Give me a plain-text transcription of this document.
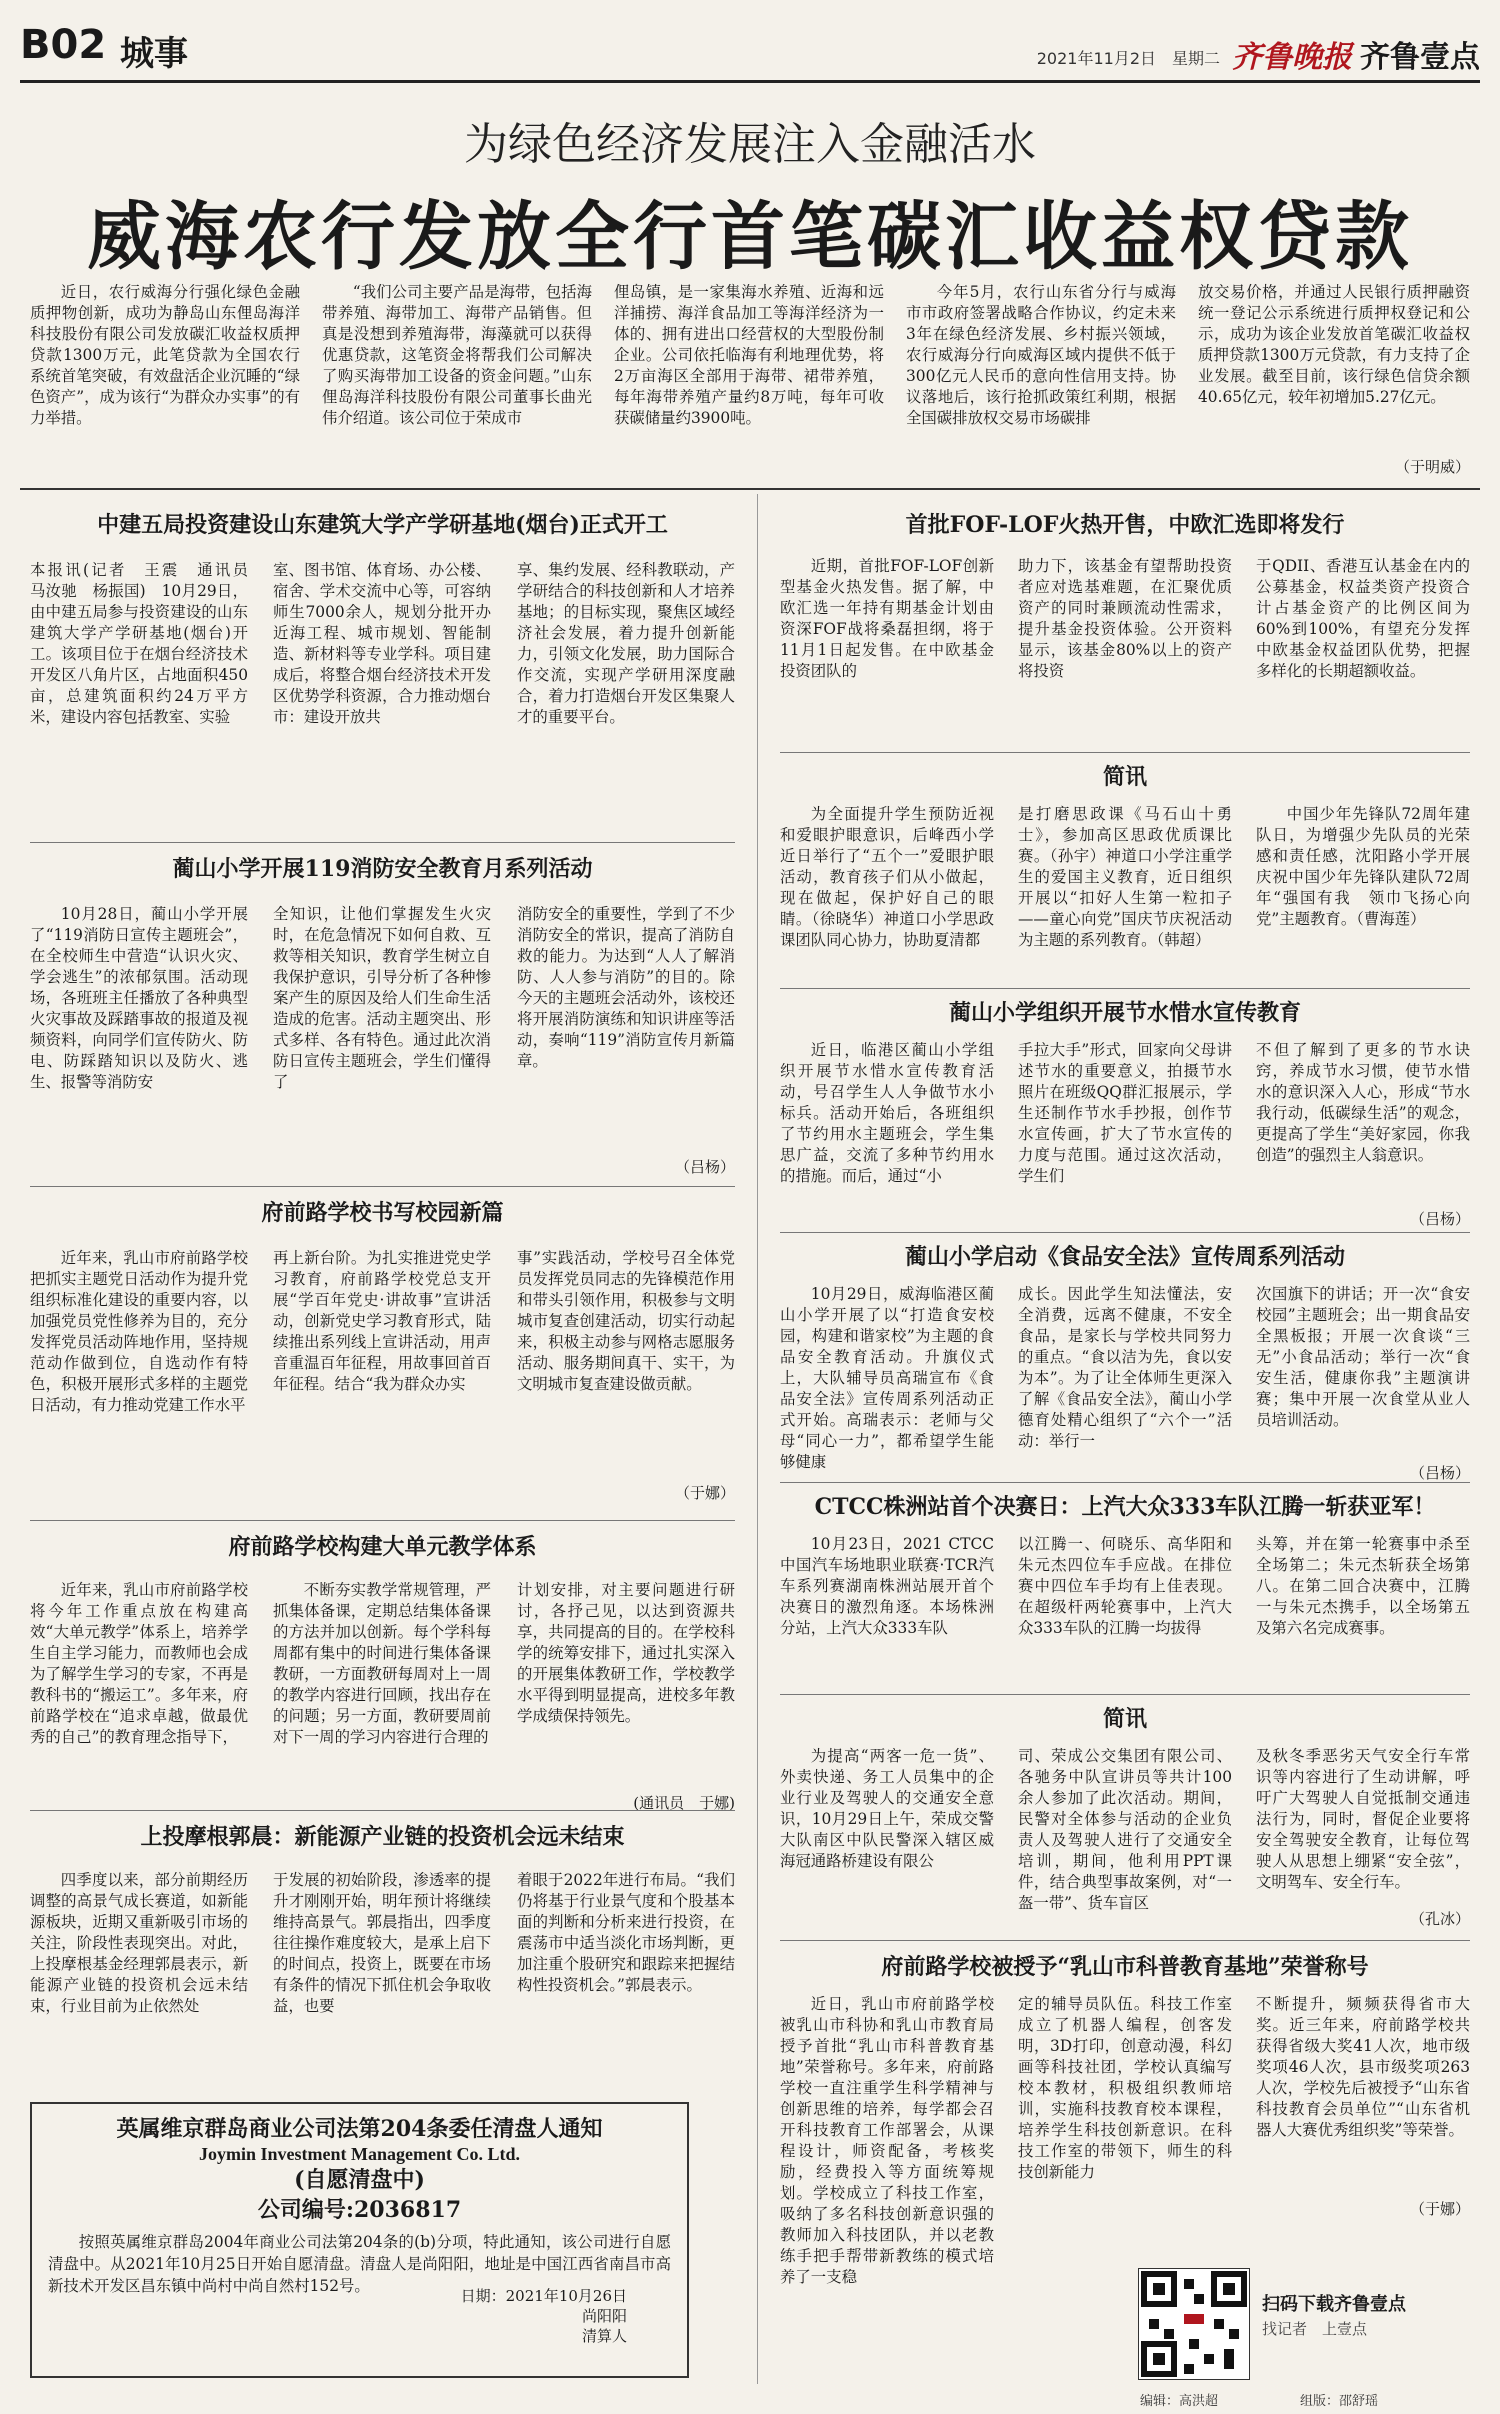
B02 城事	2021年11月2日　星期二 齐鲁晚报 齐鲁壹点
为绿色经济发展注入金融活水
威海农行发放全行首笔碳汇收益权贷款

近日，农行威海分行强化绿色金融质押物创新，成功为静岛山东俚岛海洋科技股份有限公司发放碳汇收益权质押贷款1300万元，此笔贷款为全国农行系统首笔突破，有效盘活企业沉睡的“绿色资产”，成为该行“为群众办实事”的有力举措。

“我们公司主要产品是海带，包括海带养殖、海带加工、海带产品销售。但真是没想到养殖海带，海藻就可以获得优惠贷款，这笔资金将帮我们公司解决了购买海带加工设备的资金问题。”山东俚岛海洋科技股份有限公司董事长曲光伟介绍道。该公司位于荣成市

俚岛镇，是一家集海水养殖、近海和远洋捕捞、海洋食品加工等海洋经济为一体的、拥有进出口经营权的大型股份制企业。公司依托临海有利地理优势，将2万亩海区全部用于海带、裙带养殖，每年海带养殖产量约8万吨，每年可收获碳储量约3900吨。

今年5月，农行山东省分行与威海市市政府签署战略合作协议，约定未来3年在绿色经济发展、乡村振兴领域，农行威海分行向威海区域内提供不低于300亿元人民币的意向性信用支持。协议落地后，该行抢抓政策红利期，根据全国碳排放权交易市场碳排

放交易价格，并通过人民银行质押融资统一登记公示系统进行质押权登记和公示，成功为该企业发放首笔碳汇收益权质押贷款1300万元贷款，有力支持了企业发展。截至目前，该行绿色信贷余额40.65亿元，较年初增加5.27亿元。

（于明威）
中建五局投资建设山东建筑大学产学研基地(烟台)正式开工

本报讯(记者　王震　通讯员　马汝驰　杨振国)　10月29日，由中建五局参与投资建设的山东建筑大学产学研基地(烟台)开工。该项目位于在烟台经济技术开发区八角片区，占地面积450亩，总建筑面积约24万平方米，建设内容包括教室、实验

室、图书馆、体育场、办公楼、宿舍、学术交流中心等，可容纳师生7000余人，规划分批开办近海工程、城市规划、智能制造、新材料等专业学科。项目建成后，将整合烟台经济技术开发区优势学科资源，合力推动烟台市：建设开放共

享、集约发展、经科教联动，产学研结合的科技创新和人才培养基地；的目标实现，聚焦区域经济社会发展，着力提升创新能力，引领文化发展，助力国际合作交流，实现产学研用深度融合，着力打造烟台开发区集聚人才的重要平台。

蔺山小学开展119消防安全教育月系列活动

10月28日，蔺山小学开展了“119消防日宣传主题班会”，在全校师生中营造“认识火灾、学会逃生”的浓郁氛围。活动现场，各班班主任播放了各种典型火灾事故及踩踏事故的报道及视频资料，向同学们宣传防火、防电、防踩踏知识以及防火、逃生、报警等消防安

全知识，让他们掌握发生火灾时，在危急情况下如何自救、互救等相关知识，教育学生树立自我保护意识，引导分析了各种惨案产生的原因及给人们生命生活造成的危害。活动主题突出、形式多样、各有特色。通过此次消防日宣传主题班会，学生们懂得了

消防安全的重要性，学到了不少消防安全的常识，提高了消防自救的能力。为达到“人人了解消防、人人参与消防”的目的。除今天的主题班会活动外，该校还将开展消防演练和知识讲座等活动，奏响“119”消防宣传月新篇章。

（吕杨）
府前路学校书写校园新篇

近年来，乳山市府前路学校把抓实主题党日活动作为提升党组织标准化建设的重要内容，以加强党员党性修养为目的，充分发挥党员活动阵地作用，坚持规范动作做到位，自选动作有特色，积极开展形式多样的主题党日活动，有力推动党建工作水平

再上新台阶。为扎实推进党史学习教育，府前路学校党总支开展“学百年党史·讲故事”宣讲活动，创新党史学习教育形式，陆续推出系列线上宣讲活动，用声音重温百年征程，用故事回首百年征程。结合“我为群众办实

事”实践活动，学校号召全体党员发挥党员同志的先锋模范作用和带头引领作用，积极参与文明城市复查创建活动，切实行动起来，积极主动参与网格志愿服务活动、服务期间真干、实干，为文明城市复查建设做贡献。

（于娜）
府前路学校构建大单元教学体系

近年来，乳山市府前路学校将今年工作重点放在构建高效“大单元教学”体系上，培养学生自主学习能力，而教师也会成为了解学生学习的专家，不再是教科书的“搬运工”。多年来，府前路学校在“追求卓越，做最优秀的自己”的教育理念指导下，

不断夯实教学常规管理，严抓集体备课，定期总结集体备课的方法并加以创新。每个学科每周都有集中的时间进行集体备课教研，一方面教研每周对上一周的教学内容进行回顾，找出存在的问题；另一方面，教研要周前对下一周的学习内容进行合理的

计划安排，对主要问题进行研讨，各抒己见，以达到资源共享，共同提高的目的。在学校科学的统筹安排下，通过扎实深入的开展集体教研工作，学校教学水平得到明显提高，进校多年教学成绩保持领先。

(通讯员　于娜)
上投摩根郭晨：新能源产业链的投资机会远未结束

四季度以来，部分前期经历调整的高景气成长赛道，如新能源板块，近期又重新吸引市场的关注，阶段性表现突出。对此，上投摩根基金经理郭晨表示，新能源产业链的投资机会远未结束，行业目前为止依然处

于发展的初始阶段，渗透率的提升才刚刚开始，明年预计将继续维持高景气。郭晨指出，四季度往往操作难度较大，是承上启下的时间点，投资上，既要在市场有条件的情况下抓住机会争取收益，也要

着眼于2022年进行布局。“我们仍将基于行业景气度和个股基本面的判断和分析来进行投资，在震荡市中适当淡化市场判断，更加注重个股研究和跟踪来把握结构性投资机会。”郭晨表示。

英属维京群岛商业公司法第204条委任清盘人通知
Joymin Investment Management Co. Ltd.
(自愿清盘中)
公司编号:2036817

按照英属维京群岛2004年商业公司法第204条的(b)分项，特此通知，该公司进行自愿清盘中。从2021年10月25日开始自愿清盘。清盘人是尚阳阳，地址是中国江西省南昌市高新技术开发区昌东镇中尚村中尚自然村152号。

日期：2021年10月26日
尚阳阳
清算人
首批FOF-LOF火热开售，中欧汇选即将发行

近期，首批FOF-LOF创新型基金火热发售。据了解，中欧汇选一年持有期基金计划由资深FOF战将桑磊担纲，将于11月1日起发售。在中欧基金投资团队的

助力下，该基金有望帮助投资者应对选基难题，在汇聚优质资产的同时兼顾流动性需求，提升基金投资体验。公开资料显示，该基金80%以上的资产将投资

于QDII、香港互认基金在内的公募基金，权益类资产投资合计占基金资产的比例区间为60%到100%，有望充分发挥中欧基金权益团队优势，把握多样化的长期超额收益。

简讯

为全面提升学生预防近视和爱眼护眼意识，后峰西小学近日举行了“五个一”爱眼护眼活动，教育孩子们从小做起，现在做起，保护好自己的眼睛。（徐晓华）神道口小学思政课团队同心协力，协助夏清都

是打磨思政课《马石山十勇士》，参加高区思政优质课比赛。（孙宇）神道口小学注重学生的爱国主义教育，近日组织开展以“扣好人生第一粒扣子——童心向党”国庆节庆祝活动为主题的系列教育。（韩超）

中国少年先锋队72周年建队日，为增强少先队员的光荣感和责任感，沈阳路小学开展庆祝中国少年先锋队建队72周年“强国有我　领巾飞扬心向党”主题教育。（曹海莲）

蔺山小学组织开展节水惜水宣传教育

近日，临港区蔺山小学组织开展节水惜水宣传教育活动，号召学生人人争做节水小标兵。活动开始后，各班组织了节约用水主题班会，学生集思广益，交流了多种节约用水的措施。而后，通过“小

手拉大手”形式，回家向父母讲述节水的重要意义，拍摄节水照片在班级QQ群汇报展示，学生还制作节水手抄报，创作节水宣传画，扩大了节水宣传的力度与范围。通过这次活动，学生们

不但了解到了更多的节水诀窍，养成节水习惯，使节水惜水的意识深入人心，形成“节水我行动，低碳绿生活”的观念，更提高了学生“美好家园，你我创造”的强烈主人翁意识。

（吕杨）
蔺山小学启动《食品安全法》宣传周系列活动

10月29日，威海临港区蔺山小学开展了以“打造食安校园，构建和谐家校”为主题的食品安全教育活动。升旗仪式上，大队辅导员高瑞宣布《食品安全法》宣传周系列活动正式开始。高瑞表示：老师与父母“同心一力”，都希望学生能够健康

成长。因此学生知法懂法，安全消费，远离不健康，不安全食品，是家长与学校共同努力的重点。“食以洁为先，食以安为本”。为了让全体师生更深入了解《食品安全法》，蔺山小学德育处精心组织了“六个一”活动：举行一

次国旗下的讲话；开一次“食安校园”主题班会；出一期食品安全黑板报；开展一次食谈“三无”小食品活动；举行一次“食安生活，健康你我”主题演讲赛；集中开展一次食堂从业人员培训活动。

（吕杨）
CTCC株洲站首个决赛日：上汽大众333车队江腾一斩获亚军！

10月23日，2021 CTCC中国汽车场地职业联赛·TCR汽车系列赛湖南株洲站展开首个决赛日的激烈角逐。本场株洲分站，上汽大众333车队

以江腾一、何晓乐、高华阳和朱元杰四位车手应战。在排位赛中四位车手均有上佳表现。在超级杆两轮赛事中，上汽大众333车队的江腾一均拔得

头筹，并在第一轮赛事中杀至全场第二；朱元杰斩获全场第八。在第二回合决赛中，江腾一与朱元杰携手，以全场第五及第六名完成赛事。

简讯

为提高“两客一危一货”、外卖快递、务工人员集中的企业行业及驾驶人的交通安全意识，10月29日上午，荣成交警大队南区中队民警深入辖区威海冠通路桥建设有限公

司、荣成公交集团有限公司、各驰务中队宣讲员等共计100余人参加了此次活动。期间，民警对全体参与活动的企业负责人及驾驶人进行了交通安全培训，期间，他利用PPT课件，结合典型事故案例，对“一盔一带”、货车盲区

及秋冬季恶劣天气安全行车常识等内容进行了生动讲解，呼吁广大驾驶人自觉抵制交通违法行为，同时，督促企业要将安全驾驶安全教育，让每位驾驶人从思想上绷紧“安全弦”，文明驾车、安全行车。

（孔冰）
府前路学校被授予“乳山市科普教育基地”荣誉称号

近日，乳山市府前路学校被乳山市科协和乳山市教育局授予首批“乳山市科普教育基地”荣誉称号。多年来，府前路学校一直注重学生科学精神与创新思维的培养，每学都会召开科技教育工作部署会，从课程设计，师资配备，考核奖励，经费投入等方面统筹规划。学校成立了科技工作室，吸纳了多名科技创新意识强的教师加入科技团队，并以老教练手把手帮带新教练的模式培养了一支稳

定的辅导员队伍。科技工作室成立了机器人编程，创客发明，3D打印，创意动漫，科幻画等科技社团，学校认真编写校本教材，积极组织教师培训，实施科技教育校本课程，培养学生科技创新意识。在科技工作室的带领下，师生的科技创新能力

不断提升，频频获得省市大奖。近三年来，府前路学校共获得省级大奖41人次，地市级奖项46人次，县市级奖项263人次，学校先后被授予“山东省科技教育会员单位”“山东省机器人大赛优秀组织奖”等荣誉。

（于娜）
扫码下载齐鲁壹点
找记者　上壹点
编辑：高洪超	组版：邵舒瑶
